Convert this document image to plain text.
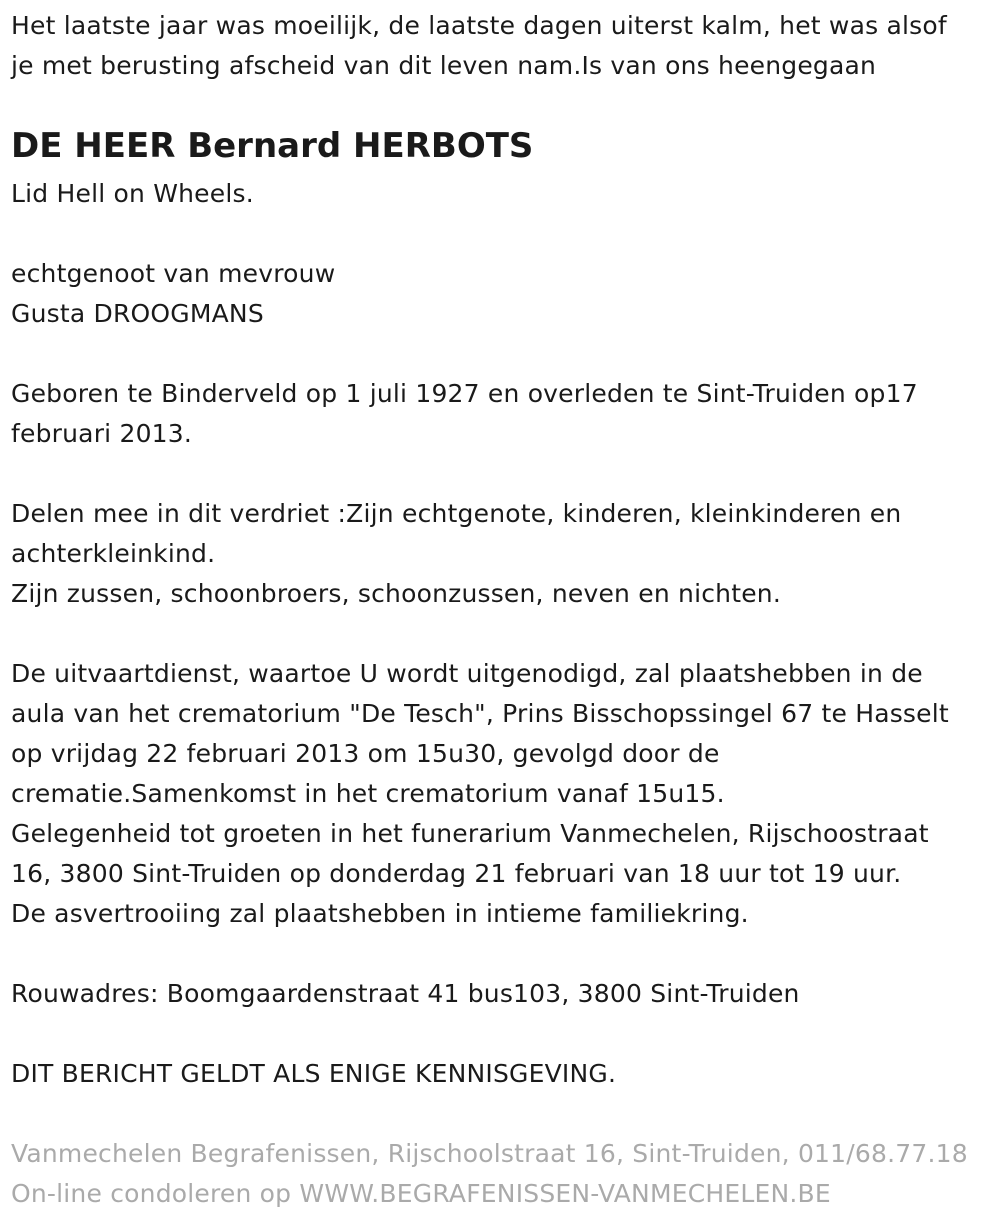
Het laatste jaar was moeilijk, de laatste dagen uiterst kalm, het was alsof
je met berusting afscheid van dit leven nam.Is van ons heengegaan
DE HEER Bernard HERBOTS
Lid Hell on Wheels.
echtgenoot van mevrouw
Gusta DROOGMANS
Geboren te Binderveld op 1 juli 1927 en overleden te Sint-Truiden op17
februari 2013.
Delen mee in dit verdriet :Zijn echtgenote, kinderen, kleinkinderen en
achterkleinkind.
Zijn zussen, schoonbroers, schoonzussen, neven en nichten.
De uitvaartdienst, waartoe U wordt uitgenodigd, zal plaatshebben in de
aula van het crematorium "De Tesch", Prins Bisschopssingel 67 te Hasselt
op vrijdag 22 februari 2013 om 15u30, gevolgd door de
crematie.Samenkomst in het crematorium vanaf 15u15.
Gelegenheid tot groeten in het funerarium Vanmechelen, Rijschoostraat
16, 3800 Sint-Truiden op donderdag 21 februari van 18 uur tot 19 uur.
De asvertrooiing zal plaatshebben in intieme familiekring.
Rouwadres: Boomgaardenstraat 41 bus103, 3800 Sint-Truiden
DIT BERICHT GELDT ALS ENIGE KENNISGEVING.
Vanmechelen Begrafenissen, Rijschoolstraat 16, Sint-Truiden, 011/68.77.18
On-line condoleren op WWW.BEGRAFENISSEN-VANMECHELEN.BE
